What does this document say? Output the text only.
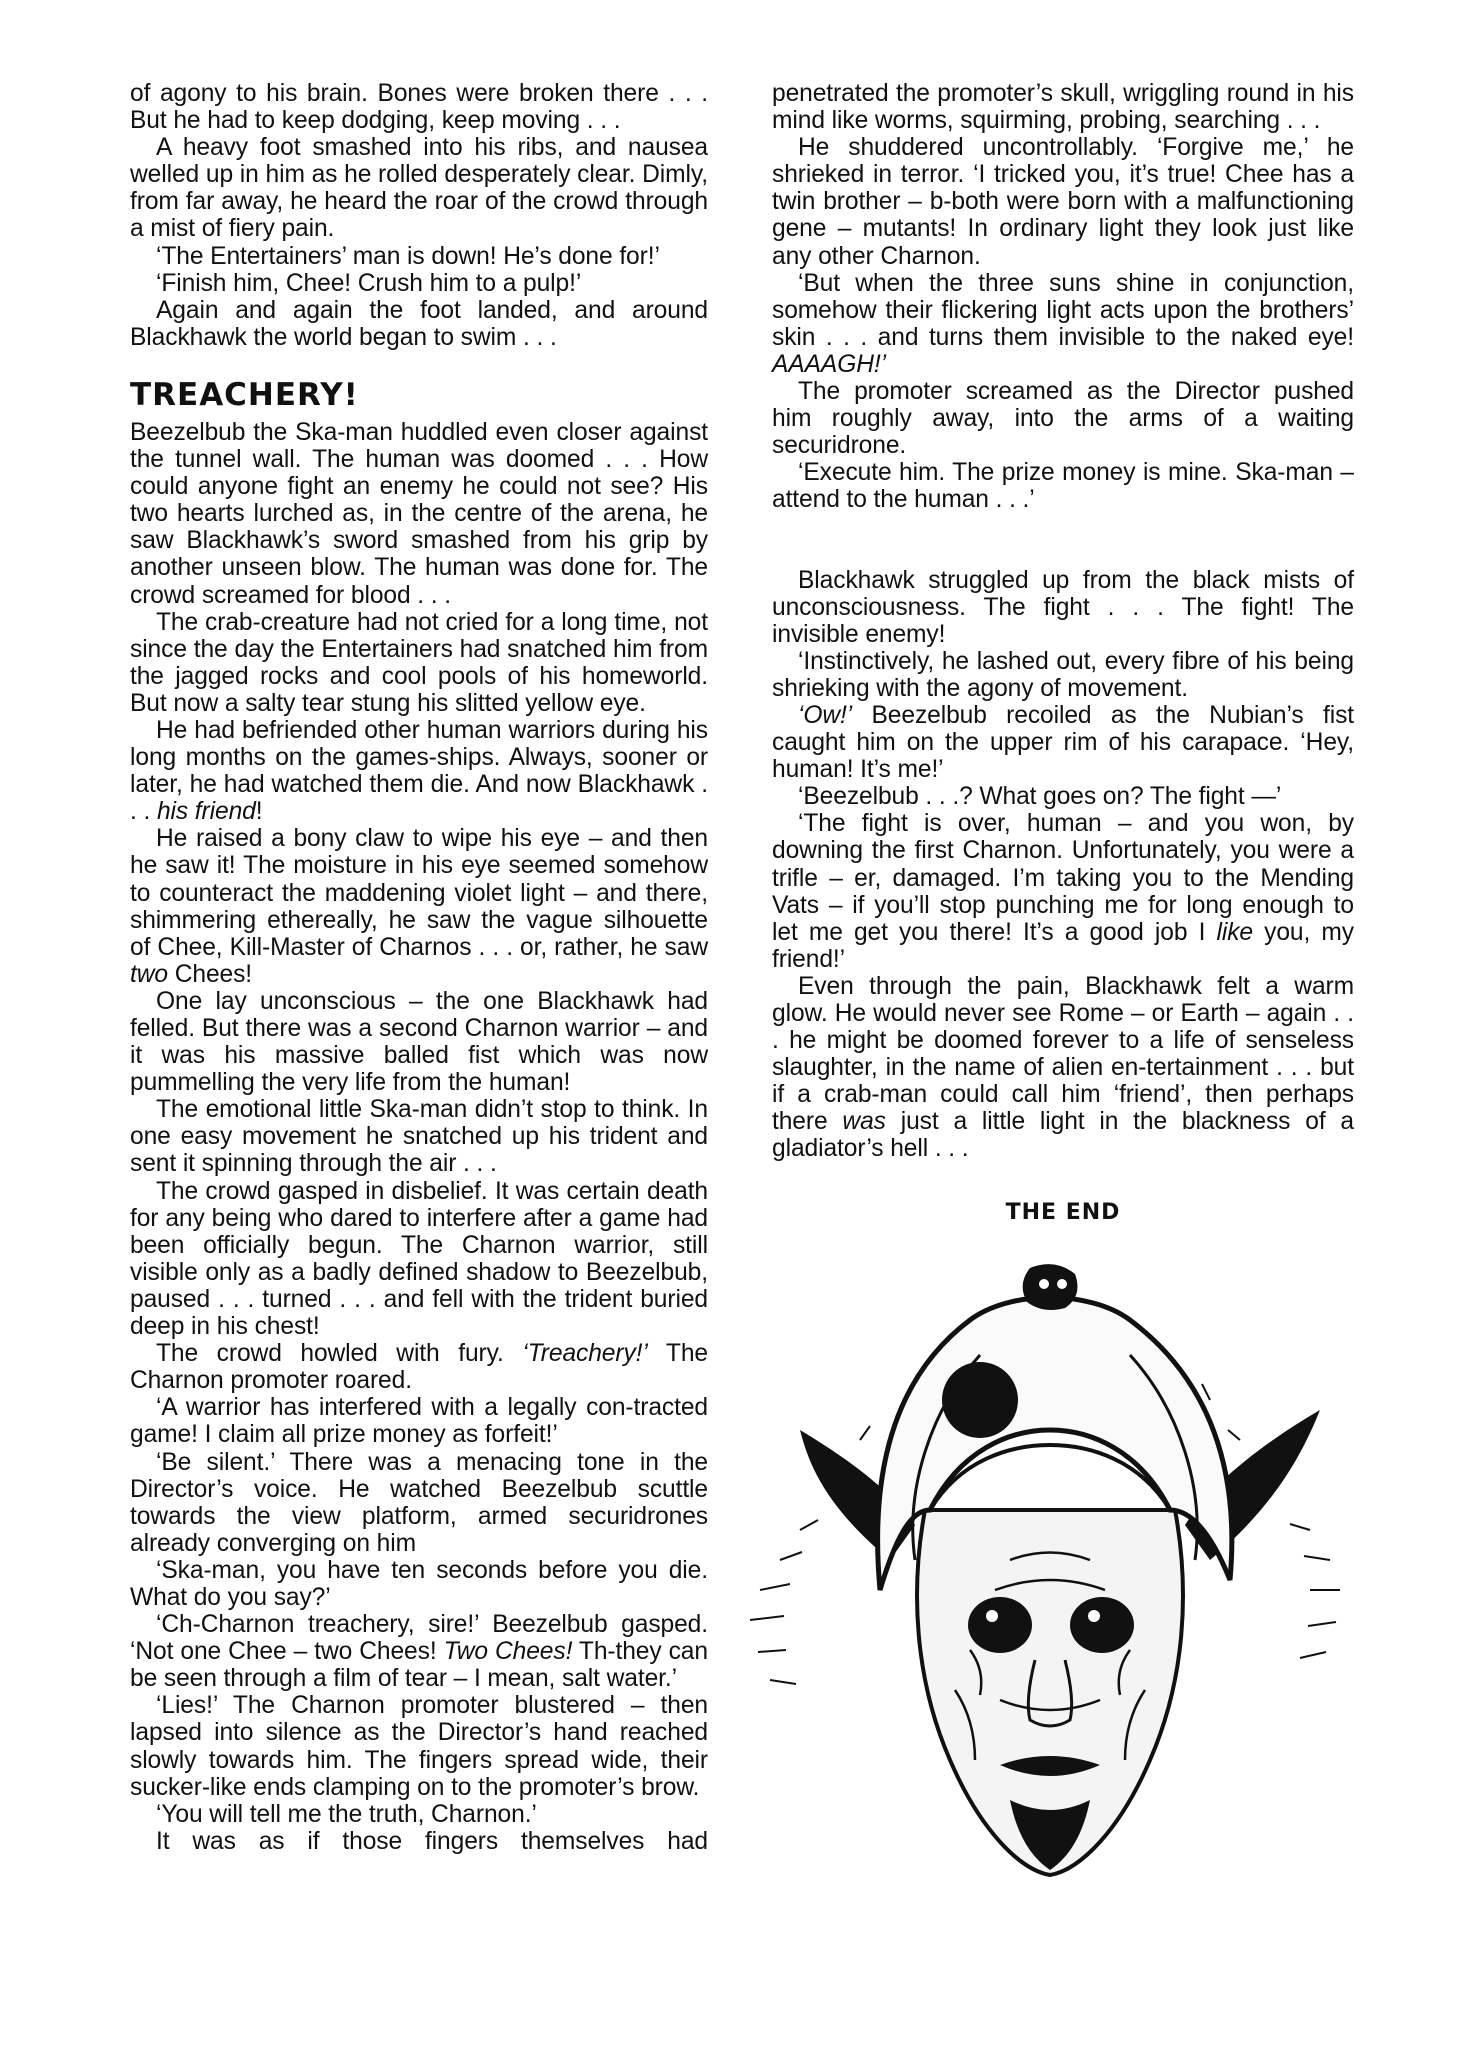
of agony to his brain. Bones were broken there . . . But he had to keep dodging, keep moving . . .

A heavy foot smashed into his ribs, and nausea welled up in him as he rolled desperately clear. Dimly, from far away, he heard the roar of the crowd through a mist of fiery pain.

‘The Entertainers’ man is down! He’s done for!’

‘Finish him, Chee! Crush him to a pulp!’

Again and again the foot landed, and around Blackhawk the world began to swim . . .

TREACHERY!

Beezelbub the Ska-man huddled even closer against the tunnel wall. The human was doomed . . . How could anyone fight an enemy he could not see? His two hearts lurched as, in the centre of the arena, he saw Blackhawk’s sword smashed from his grip by another unseen blow. The human was done for. The crowd screamed for blood . . .

The crab-creature had not cried for a long time, not since the day the Entertainers had snatched him from the jagged rocks and cool pools of his homeworld. But now a salty tear stung his slitted yellow eye.

He had befriended other human warriors during his long months on the games-ships. Always, sooner or later, he had watched them die. And now Blackhawk . . . his friend!

He raised a bony claw to wipe his eye – and then he saw it! The moisture in his eye seemed somehow to counteract the maddening violet light – and there, shimmering ethereally, he saw the vague silhouette of Chee, Kill-Master of Charnos . . . or, rather, he saw two Chees!

One lay unconscious – the one Blackhawk had felled. But there was a second Charnon warrior – and it was his massive balled fist which was now pummelling the very life from the human!

The emotional little Ska-man didn’t stop to think. In one easy movement he snatched up his trident and sent it spinning through the air . . .

The crowd gasped in disbelief. It was certain death for any being who dared to interfere after a game had been officially begun. The Charnon warrior, still visible only as a badly defined shadow to Beezelbub, paused . . . turned . . . and fell with the trident buried deep in his chest!

The crowd howled with fury. ‘Treachery!’ The Charnon promoter roared.

‘A warrior has interfered with a legally con-tracted game! I claim all prize money as forfeit!’

‘Be silent.’ There was a menacing tone in the Director’s voice. He watched Beezelbub scuttle towards the view platform, armed securidrones already converging on him

‘Ska-man, you have ten seconds before you die. What do you say?’

‘Ch-Charnon treachery, sire!’ Beezelbub gasped. ‘Not one Chee – two Chees! Two Chees! Th-they can be seen through a film of tear – I mean, salt water.’

‘Lies!’ The Charnon promoter blustered – then lapsed into silence as the Director’s hand reached slowly towards him. The fingers spread wide, their sucker-like ends clamping on to the promoter’s brow.

‘You will tell me the truth, Charnon.’

It was as if those fingers themselves had

penetrated the promoter’s skull, wriggling round in his mind like worms, squirming, probing, searching . . .

He shuddered uncontrollably. ‘Forgive me,’ he shrieked in terror. ‘I tricked you, it’s true! Chee has a twin brother – b-both were born with a malfunctioning gene – mutants! In ordinary light they look just like any other Charnon.

‘But when the three suns shine in conjunction, somehow their flickering light acts upon the brothers’ skin . . . and turns them invisible to the naked eye! AAAAGH!’

The promoter screamed as the Director pushed him roughly away, into the arms of a waiting securidrone.

‘Execute him. The prize money is mine. Ska-man – attend to the human . . .’

Blackhawk struggled up from the black mists of unconsciousness. The fight . . . The fight! The invisible enemy!

‘Instinctively, he lashed out, every fibre of his being shrieking with the agony of movement.

‘Ow!’ Beezelbub recoiled as the Nubian’s fist caught him on the upper rim of his carapace. ‘Hey, human! It’s me!’

‘Beezelbub . . .? What goes on? The fight —’

‘The fight is over, human – and you won, by downing the first Charnon. Unfortunately, you were a trifle – er, damaged. I’m taking you to the Mending Vats – if you’ll stop punching me for long enough to let me get you there! It’s a good job I like you, my friend!’

Even through the pain, Blackhawk felt a warm glow. He would never see Rome – or Earth – again . . . he might be doomed forever to a life of senseless slaughter, in the name of alien en-tertainment . . . but if a crab-man could call him ‘friend’, then perhaps there was just a little light in the blackness of a gladiator’s hell . . .

THE END
